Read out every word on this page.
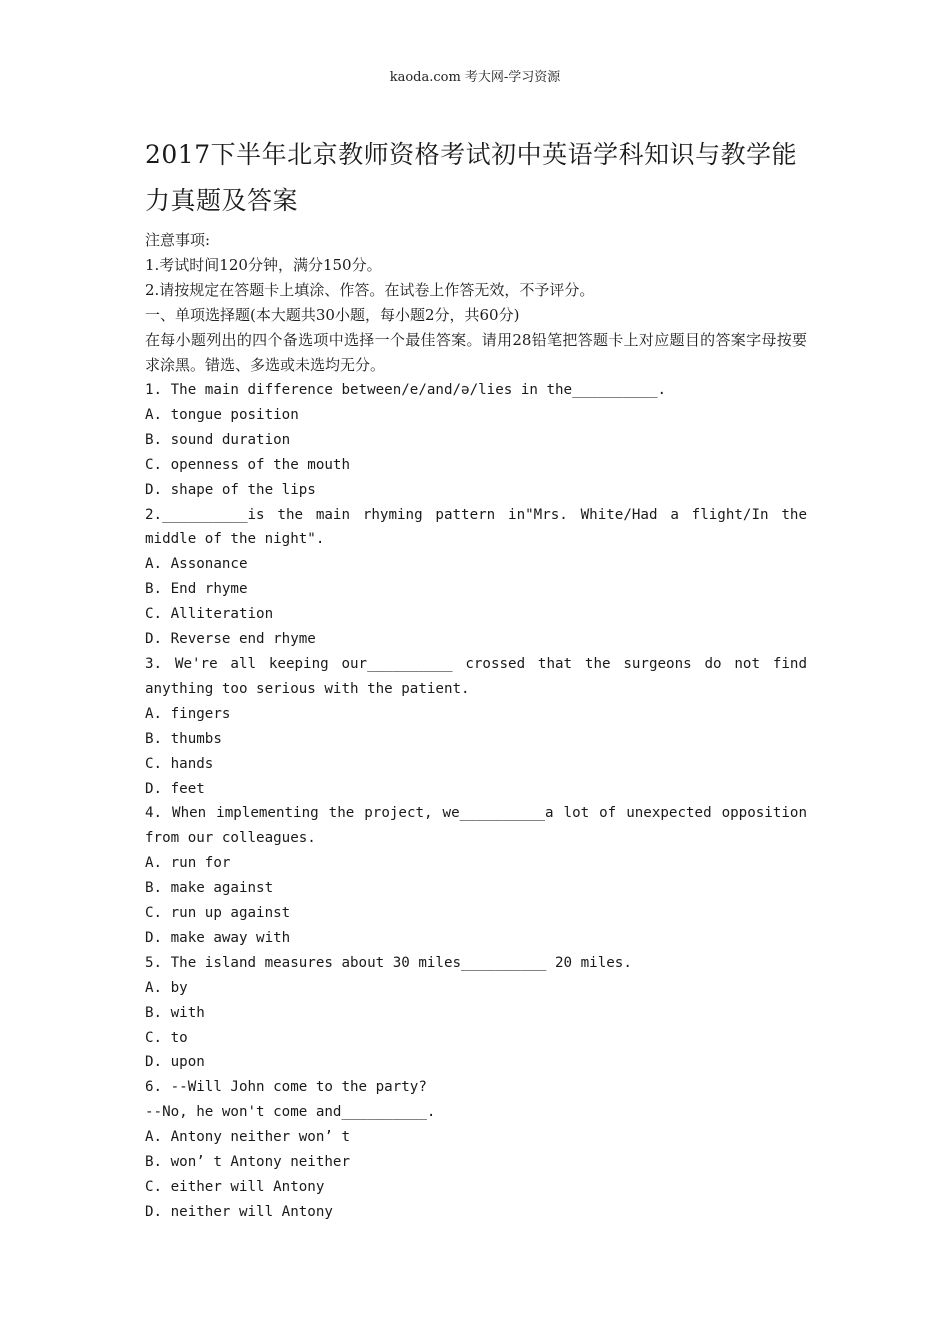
kaoda.com 考大网-学习资源
2017下半年北京教师资格考试初中英语学科知识与教学能力真题及答案

注意事项:

1.考试时间120分钟，满分150分。

2.请按规定在答题卡上填涂、作答。在试卷上作答无效，不予评分。

一、单项选择题(本大题共30小题，每小题2分，共60分)

在每小题列出的四个备选项中选择一个最佳答案。请用28铅笔把答题卡上对应题目的答案字母按要求涂黑。错选、多选或未选均无分。

1. The main difference between/e/and/ə/lies in the__________.

A. tongue position

B. sound duration

C. openness of the mouth

D. shape of the lips

2.__________is the main rhyming pattern in"Mrs. White/Had a flight/In the middle of the night".

A. Assonance

B. End rhyme

C. Alliteration

D. Reverse end rhyme

3. We're all keeping our__________ crossed that the surgeons do not find anything too serious with the patient.

A. fingers

B. thumbs

C. hands

D. feet

4. When implementing the project, we__________a lot of unexpected opposition from our colleagues.

A. run for

B. make against

C. run up against

D. make away with

5. The island measures about 30 miles__________ 20 miles.

A. by

B. with

C. to

D. upon

6. --Will John come to the party?

--No, he won't come and__________.

A. Antony neither won’ t

B. won’ t Antony neither

C. either will Antony

D. neither will Antony
